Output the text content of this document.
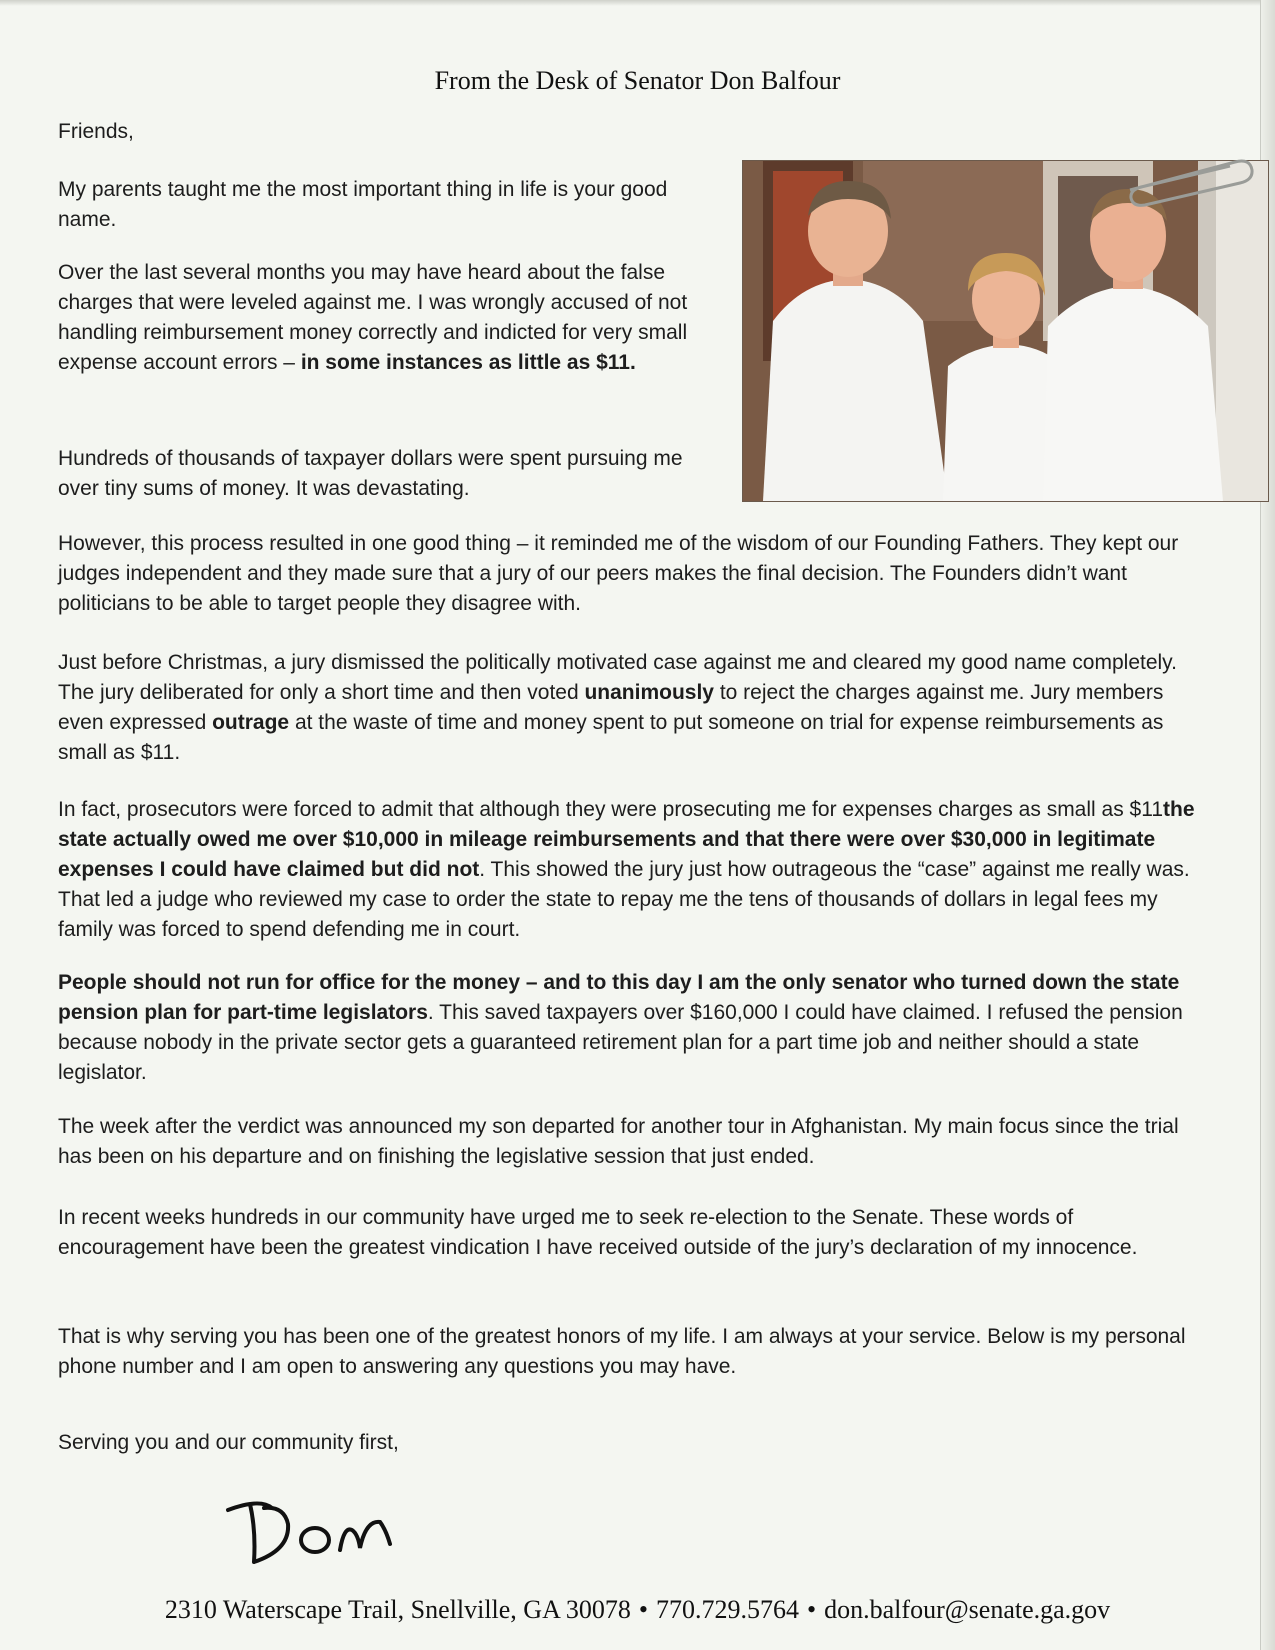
From the Desk of Senator Don Balfour
Friends,

My parents taught me the most important thing in life is your good name.

Over the last several months you may have heard about the false charges that were leveled against me. I was wrongly accused of not handling reimbursement money correctly and indicted for very small expense account errors – in some instances as little as $11.

Hundreds of thousands of taxpayer dollars were spent pursuing me over tiny sums of money. It was devastating.

However, this process resulted in one good thing – it reminded me of the wisdom of our Founding Fathers. They kept our judges independent and they made sure that a jury of our peers makes the final decision. The Founders didn’t want politicians to be able to target people they disagree with.

Just before Christmas, a jury dismissed the politically motivated case against me and cleared my good name completely. The jury deliberated for only a short time and then voted unanimously to reject the charges against me. Jury members even expressed outrage at the waste of time and money spent to put someone on trial for expense reimbursements as small as $11.

In fact, prosecutors were forced to admit that although they were prosecuting me for expenses charges as small as $11the state actually owed me over $10,000 in mileage reimbursements and that there were over $30,000 in legitimate expenses I could have claimed but did not. This showed the jury just how outrageous the “case” against me really was. That led a judge who reviewed my case to order the state to repay me the tens of thousands of dollars in legal fees my family was forced to spend defending me in court.

People should not run for office for the money – and to this day I am the only senator who turned down the state pension plan for part-time legislators. This saved taxpayers over $160,000 I could have claimed. I refused the pension because nobody in the private sector gets a guaranteed retirement plan for a part time job and neither should a state legislator.

The week after the verdict was announced my son departed for another tour in Afghanistan. My main focus since the trial has been on his departure and on finishing the legislative session that just ended.

In recent weeks hundreds in our community have urged me to seek re-election to the Senate. These words of encouragement have been the greatest vindication I have received outside of the jury’s declaration of my innocence.

That is why serving you has been one of the greatest honors of my life. I am always at your service. Below is my personal phone number and I am open to answering any questions you may have.

Serving you and our community first,

2310 Waterscape Trail, Snellville, GA 30078 • 770.729.5764 • don.balfour@senate.ga.gov
